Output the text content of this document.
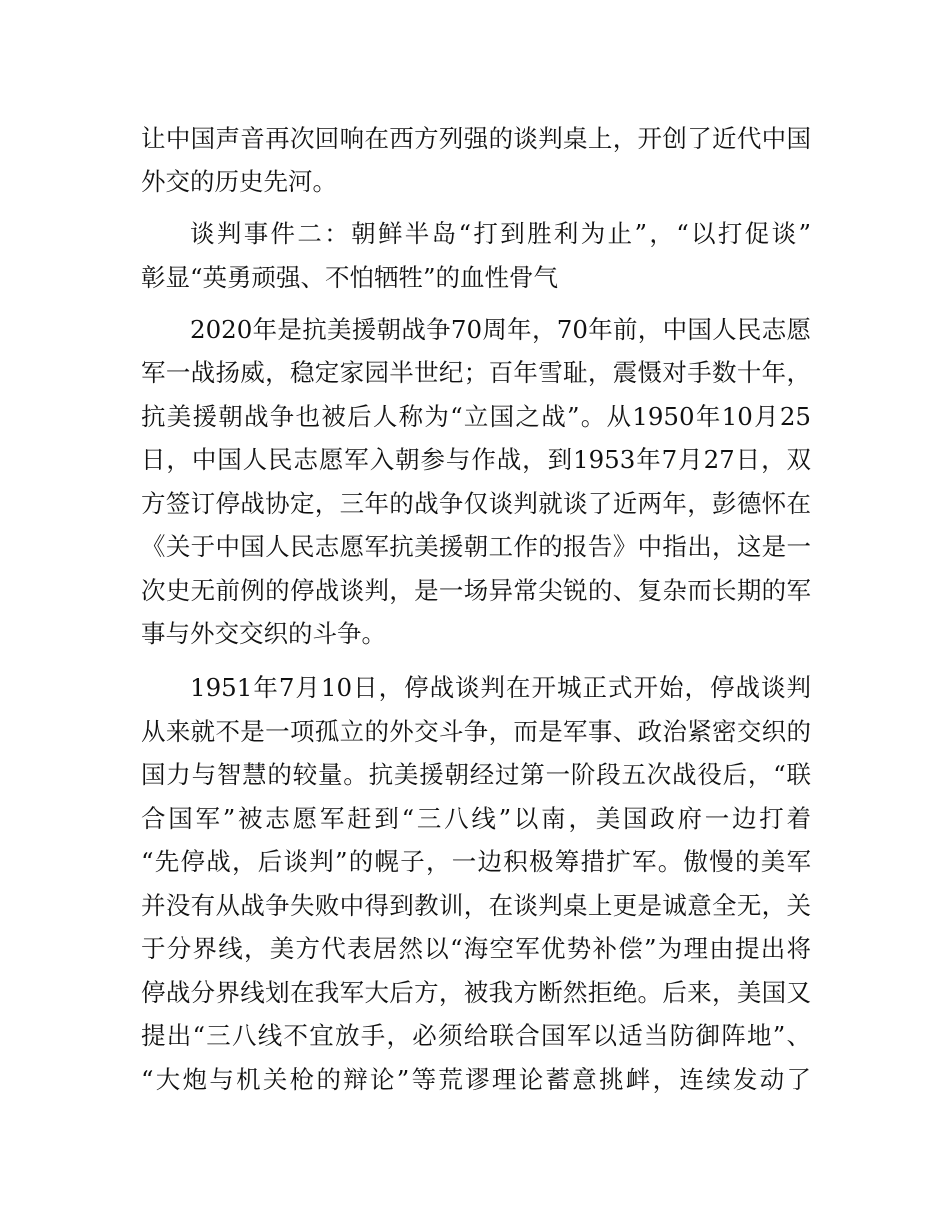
让中国声音再次回响在西方列强的谈判桌上，开创了近代中国
外交的历史先河。
谈判事件二：朝鲜半岛“打到胜利为止”，“以打促谈”
彰显“英勇顽强、不怕牺牲”的血性骨气
2020年是抗美援朝战争70周年，70年前，中国人民志愿
军一战扬威，稳定家园半世纪；百年雪耻，震慑对手数十年，
抗美援朝战争也被后人称为“立国之战”。从1950年10月25
日，中国人民志愿军入朝参与作战，到1953年7月27日，双
方签订停战协定，三年的战争仅谈判就谈了近两年，彭德怀在
《关于中国人民志愿军抗美援朝工作的报告》中指出，这是一
次史无前例的停战谈判，是一场异常尖锐的、复杂而长期的军
事与外交交织的斗争。
1951年7月10日，停战谈判在开城正式开始，停战谈判
从来就不是一项孤立的外交斗争，而是军事、政治紧密交织的
国力与智慧的较量。抗美援朝经过第一阶段五次战役后，“联
合国军”被志愿军赶到“三八线”以南，美国政府一边打着
“先停战，后谈判”的幌子，一边积极筹措扩军。傲慢的美军
并没有从战争失败中得到教训，在谈判桌上更是诚意全无，关
于分界线，美方代表居然以“海空军优势补偿”为理由提出将
停战分界线划在我军大后方，被我方断然拒绝。后来，美国又
提出“三八线不宜放手，必须给联合国军以适当防御阵地”、
“大炮与机关枪的辩论”等荒谬理论蓄意挑衅，连续发动了
